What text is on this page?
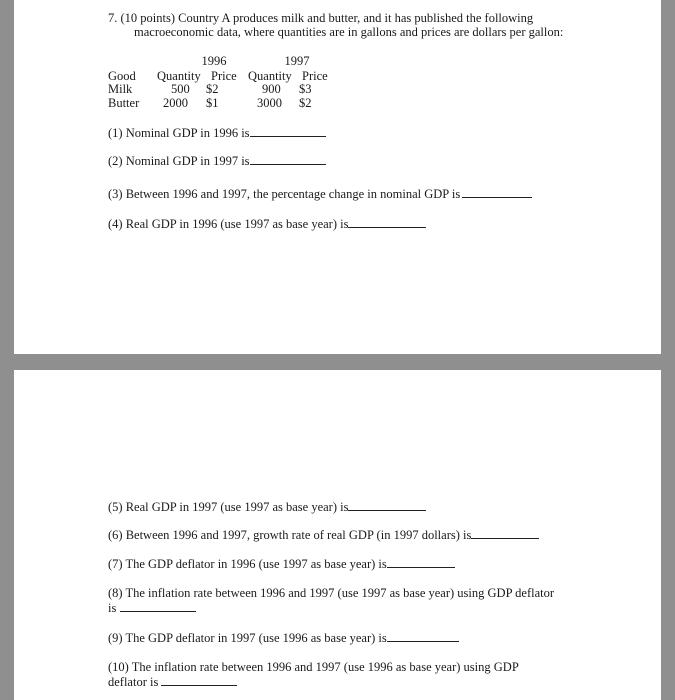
7. (10 points) Country A produces milk and butter, and it has published the following
macroeconomic data, where quantities are in gallons and prices are dollars per gallon:
1996	1997
Good Quantity Price Quantity Price
Milk	500 $2	900 $3
Butter 2000 $1	3000 $2
(1) Nominal GDP in 1996 is
(2) Nominal GDP in 1997 is
(3) Between 1996 and 1997, the percentage change in nominal GDP is
(4) Real GDP in 1996 (use 1997 as base year) is
(5) Real GDP in 1997 (use 1997 as base year) is
(6) Between 1996 and 1997, growth rate of real GDP (in 1997 dollars) is
(7) The GDP deflator in 1996 (use 1997 as base year) is
(8) The inflation rate between 1996 and 1997 (use 1997 as base year) using GDP deflator
is
(9) The GDP deflator in 1997 (use 1996 as base year) is
(10) The inflation rate between 1996 and 1997 (use 1996 as base year) using GDP
deflator is
